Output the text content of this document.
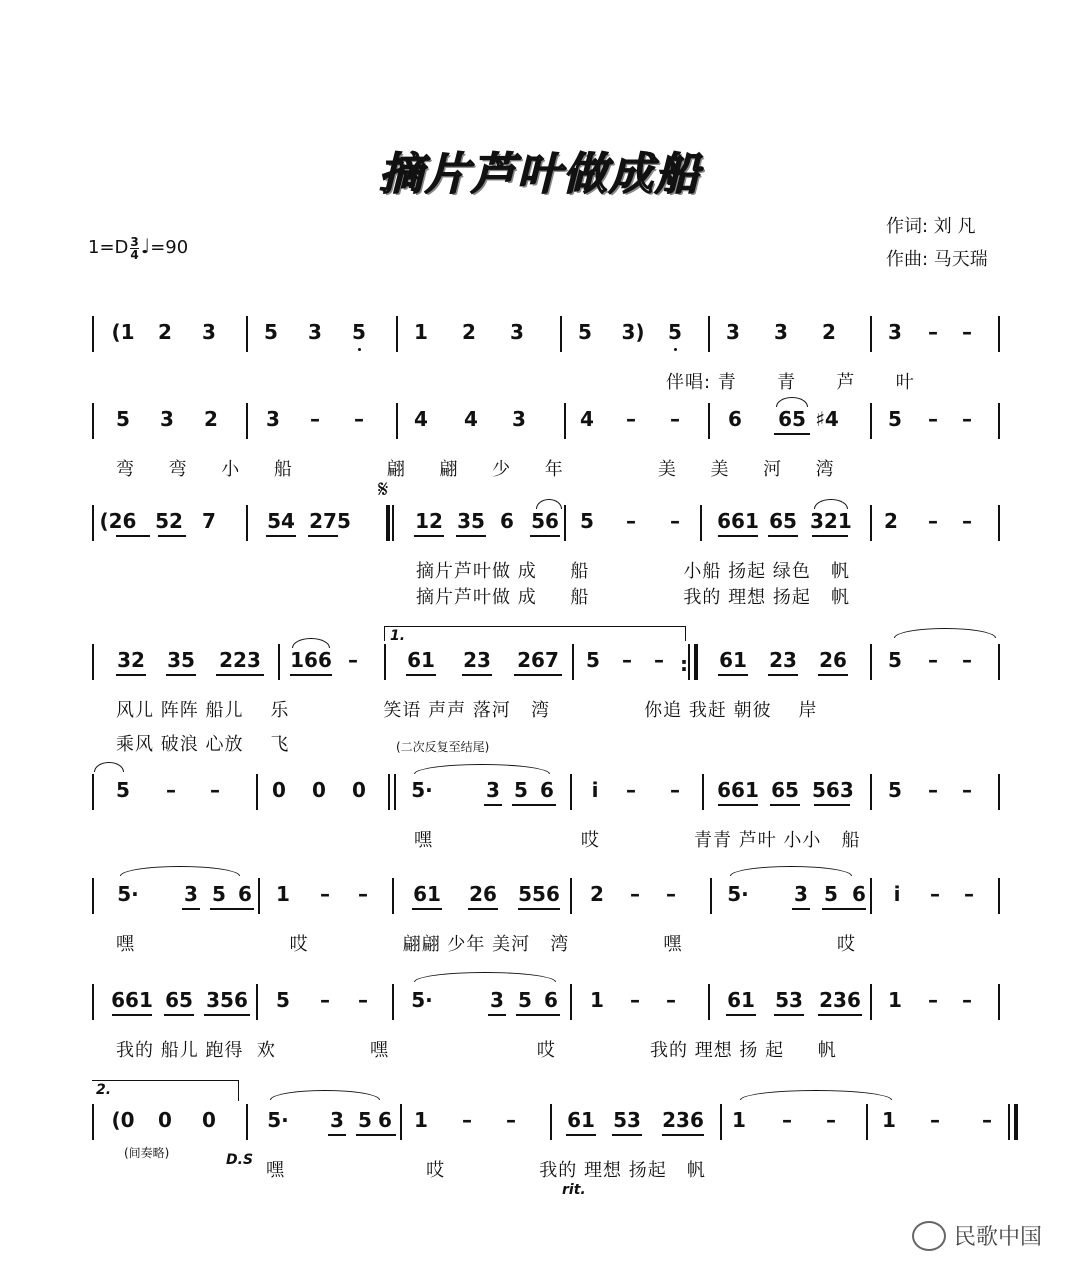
摘片芦叶做成船
$1=D \frac{3}{4}$ ♩=90
作词: 刘 凡
作曲: 马天瑞
(1 2 3 5 3 5 1 2 3	5 3) 5 3 3 2	3 – –
伴唱: 青      青      芦      叶
5 3 2 3 – –	4 4 3	4 – – 6	65 ♯4 5 – –
弯     弯     小     船              翩     翩     少     年              美     美     河     湾
𝄋
(26 52 7	54 275	12 35 6 56 5 – – 661 65 321 2 – –
摘片芦叶做 成     船              小船 扬起 绿色   帆
摘片芦叶做 成     船              我的 理想 扬起   帆
1.
32 35 223 166 – 61 23 267 5 – –	61 23 26 5 – –
:
风儿 阵阵 船儿    乐              笑语 声声 落河   湾              你追 我赶 朝彼    岸
乘风 破浪 心放    飞	(二次反复至结尾)
5 – –	0 0 0 5·	3 5 6 i – – 661 65 563 5 – –
嘿                      哎              青青 芦叶 小小   船
5· 3 5 6 1 – – 61 26 556 2 – –	5· 3 5 6 i – –
嘿                       哎              翩翩 少年 美河   湾              嘿                       哎
661 65 356 5 – – 5·	3 5 6 1 – –	61 53 236 1 – –
我的 船儿 跑得  欢              嘿                      哎              我的 理想 扬 起     帆
2.
(0 0 0	5· 3 5 6 1 – –	61 53 236 1 – – 1 – –
(间奏略)	D.S 嘿                     哎              我的 理想 扬起   帆
rit.
民歌中国
